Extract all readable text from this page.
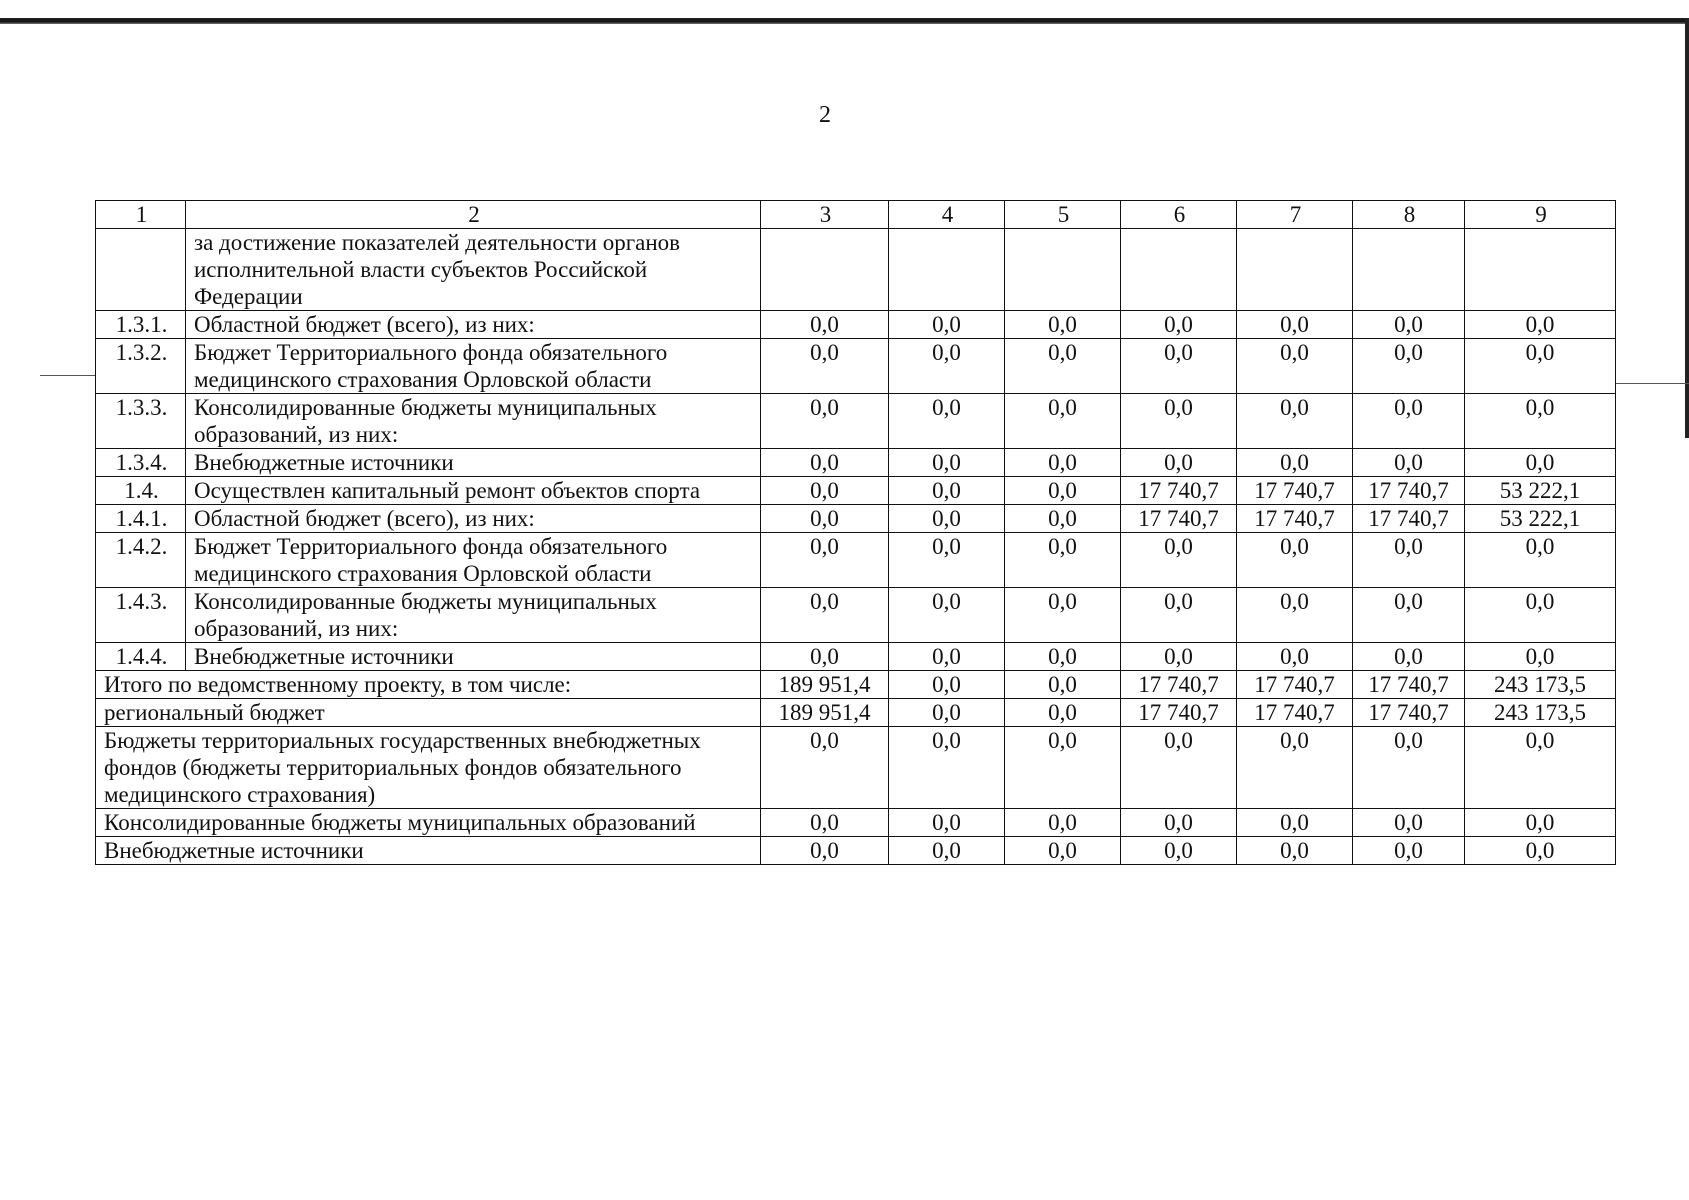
2
1	2	3	4	5	6	7	8	9
	за достижение показателей деятельности органов исполнительной власти субъектов Российской Федерации							
1.3.1.	Областной бюджет (всего), из них:	0,0	0,0	0,0	0,0	0,0	0,0	0,0
1.3.2.	Бюджет Территориального фонда обязательного медицинского страхования Орловской области	0,0	0,0	0,0	0,0	0,0	0,0	0,0
1.3.3.	Консолидированные бюджеты муниципальных образований, из них:	0,0	0,0	0,0	0,0	0,0	0,0	0,0
1.3.4.	Внебюджетные источники	0,0	0,0	0,0	0,0	0,0	0,0	0,0
1.4.	Осуществлен капитальный ремонт объектов спорта	0,0	0,0	0,0	17 740,7	17 740,7	17 740,7	53 222,1
1.4.1.	Областной бюджет (всего), из них:	0,0	0,0	0,0	17 740,7	17 740,7	17 740,7	53 222,1
1.4.2.	Бюджет Территориального фонда обязательного медицинского страхования Орловской области	0,0	0,0	0,0	0,0	0,0	0,0	0,0
1.4.3.	Консолидированные бюджеты муниципальных образований, из них:	0,0	0,0	0,0	0,0	0,0	0,0	0,0
1.4.4.	Внебюджетные источники	0,0	0,0	0,0	0,0	0,0	0,0	0,0
Итого по ведомственному проекту, в том числе:		189 951,4	0,0	0,0	17 740,7	17 740,7	17 740,7	243 173,5
региональный бюджет		189 951,4	0,0	0,0	17 740,7	17 740,7	17 740,7	243 173,5
Бюджеты территориальных государственных внебюджетных фондов (бюджеты территориальных фондов обязательного медицинского страхования)		0,0	0,0	0,0	0,0	0,0	0,0	0,0
Консолидированные бюджеты муниципальных образований		0,0	0,0	0,0	0,0	0,0	0,0	0,0
Внебюджетные источники		0,0	0,0	0,0	0,0	0,0	0,0	0,0
